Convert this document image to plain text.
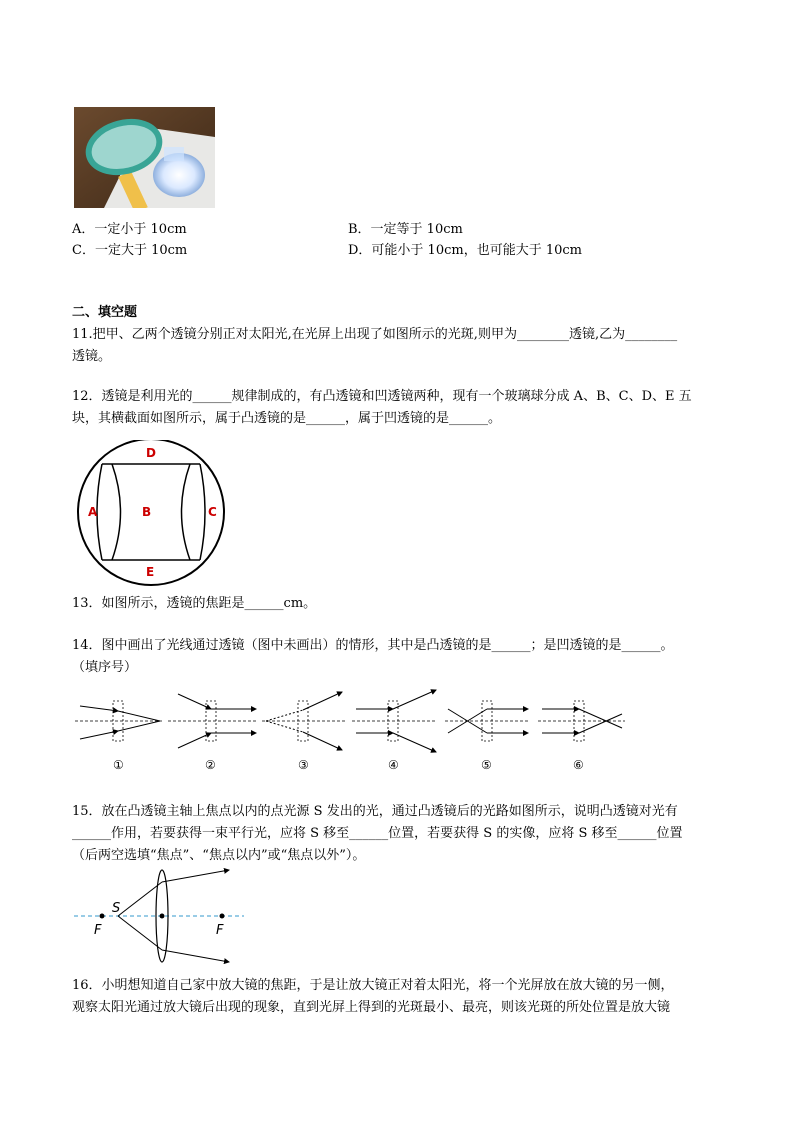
A．一定小于 10cm	B．一定等于 10cm
C．一定大于 10cm	D．可能小于 10cm，也可能大于 10cm
二、填空题
11.把甲、乙两个透镜分别正对太阳光,在光屏上出现了如图所示的光斑,则甲为________透镜,乙为________
透镜。
12．透镜是利用光的______规律制成的，有凸透镜和凹透镜两种，现有一个玻璃球分成 A、B、C、D、E 五
块，其横截面如图所示，属于凸透镜的是______，属于凹透镜的是______。
D
A	B	C
E
13．如图所示，透镜的焦距是______cm。
14．图中画出了光线通过透镜（图中未画出）的情形，其中是凸透镜的是______；是凹透镜的是______。
（填序号）
①	②	③	④	⑤	⑥
15．放在凸透镜主轴上焦点以内的点光源 S 发出的光，通过凸透镜后的光路如图所示，说明凸透镜对光有
______作用，若要获得一束平行光，应将 S 移至______位置，若要获得 S 的实像，应将 S 移至______位置
（后两空选填“焦点”、“焦点以内”或“焦点以外”）。
S
F	F
16．小明想知道自己家中放大镜的焦距，于是让放大镜正对着太阳光，将一个光屏放在放大镜的另一侧，
观察太阳光通过放大镜后出现的现象，直到光屏上得到的光斑最小、最亮，则该光斑的所处位置是放大镜
